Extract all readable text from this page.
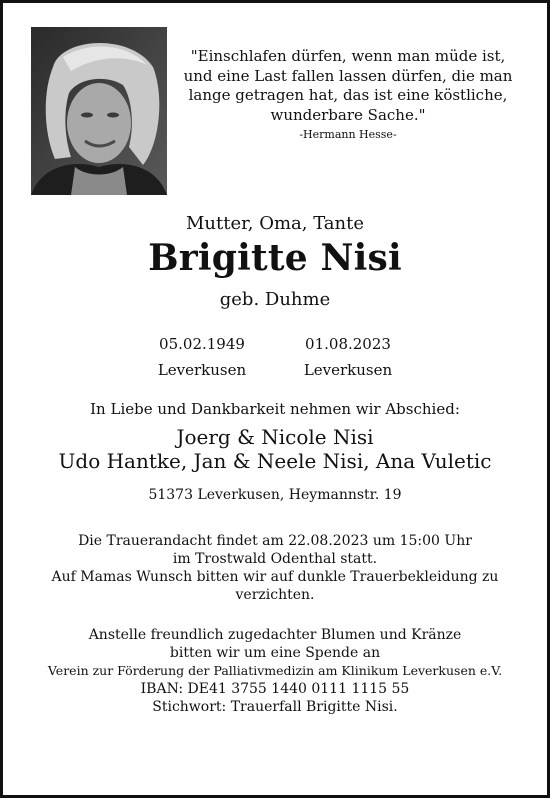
"Einschlafen dürfen, wenn man müde ist,
und eine Last fallen lassen dürfen, die man
lange getragen hat, das ist eine köstliche,
wunderbare Sache."
-Hermann Hesse-
Mutter, Oma, Tante
Brigitte Nisi
geb. Duhme
05.02.1949
Leverkusen
01.08.2023
Leverkusen
In Liebe und Dankbarkeit nehmen wir Abschied:
Joerg & Nicole Nisi
Udo Hantke, Jan & Neele Nisi, Ana Vuletic
51373 Leverkusen, Heymannstr. 19
Die Trauerandacht findet am 22.08.2023 um 15:00 Uhr
im Trostwald Odenthal statt.
Auf Mamas Wunsch bitten wir auf dunkle Trauerbekleidung zu
verzichten.
Anstelle freundlich zugedachter Blumen und Kränze
bitten wir um eine Spende an
Verein zur Förderung der Palliativmedizin am Klinikum Leverkusen e.V.
IBAN: DE41 3755 1440 0111 1115 55
Stichwort: Trauerfall Brigitte Nisi.
